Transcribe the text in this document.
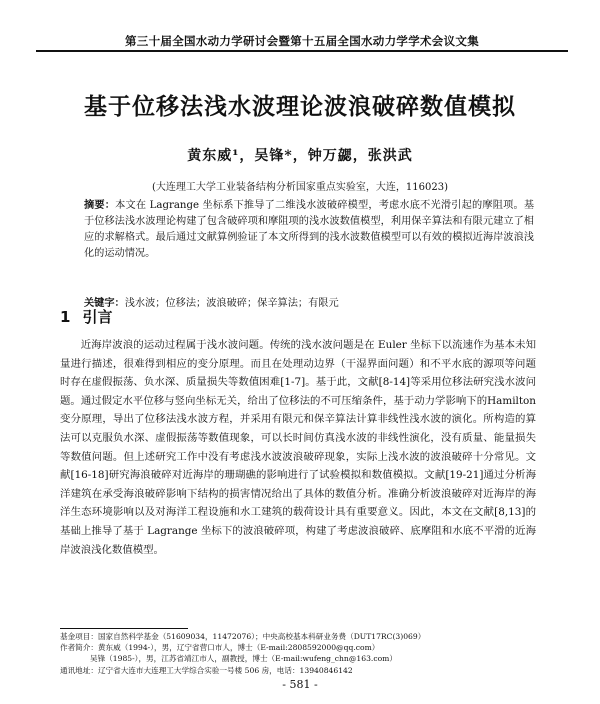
第三十届全国水动力学研讨会暨第十五届全国水动力学学术会议文集
基于位移法浅水波理论波浪破碎数值模拟
黄东威¹，吴锋*，钟万勰，张洪武
(大连理工大学工业装备结构分析国家重点实验室，大连，116023)
摘要：本文在 Lagrange 坐标系下推导了二维浅水波破碎模型，考虑水底不光滑引起的摩阻项。基于位移法浅水波理论构建了包含破碎项和摩阻项的浅水波数值模型，利用保辛算法和有限元建立了相应的求解格式。最后通过文献算例验证了本文所得到的浅水波数值模型可以有效的模拟近海岸波浪浅化的运动情况。
关键字：浅水波；位移法；波浪破碎；保辛算法；有限元
1 引言
近海岸波浪的运动过程属于浅水波问题。传统的浅水波问题是在 Euler 坐标下以流速作为基本未知量进行描述，很难得到相应的变分原理。而且在处理动边界（干湿界面问题）和不平水底的源项等问题时存在虚假振荡、负水深、质量损失等数值困难[1-7]。基于此，文献[8-14]等采用位移法研究浅水波问题。通过假定水平位移与竖向坐标无关，给出了位移法的不可压缩条件，基于动力学影响下的Hamilton变分原理，导出了位移法浅水波方程，并采用有限元和保辛算法计算非线性浅水波的演化。所构造的算法可以克服负水深、虚假振荡等数值现象，可以长时间仿真浅水波的非线性演化，没有质量、能量损失等数值问题。但上述研究工作中没有考虑浅水波波浪破碎现象，实际上浅水波的波浪破碎十分常见。文献[16-18]研究海浪破碎对近海岸的珊瑚礁的影响进行了试验模拟和数值模拟。文献[19-21]通过分析海洋建筑在承受海浪破碎影响下结构的损害情况给出了具体的数值分析。准确分析波浪破碎对近海岸的海洋生态环境影响以及对海洋工程设施和水工建筑的载荷设计具有重要意义。因此，本文在文献[8,13]的基础上推导了基于 Lagrange 坐标下的波浪破碎项，构建了考虑波浪破碎、底摩阻和水底不平滑的近海岸波浪浅化数值模型。
基金项目：国家自然科学基金（51609034，11472076）；中央高校基本科研业务费（DUT17RC(3)069）
作者简介：黄东威（1994-），男，辽宁省营口市人，博士（E-mail:2808592000@qq.com）
吴锋（1985-），男，江苏省靖江市人，副教授，博士（E-mail:wufeng_chn@163.com）
通讯地址：辽宁省大连市大连理工大学综合实验一号楼 506 房，电话：13940846142
- 581 -
